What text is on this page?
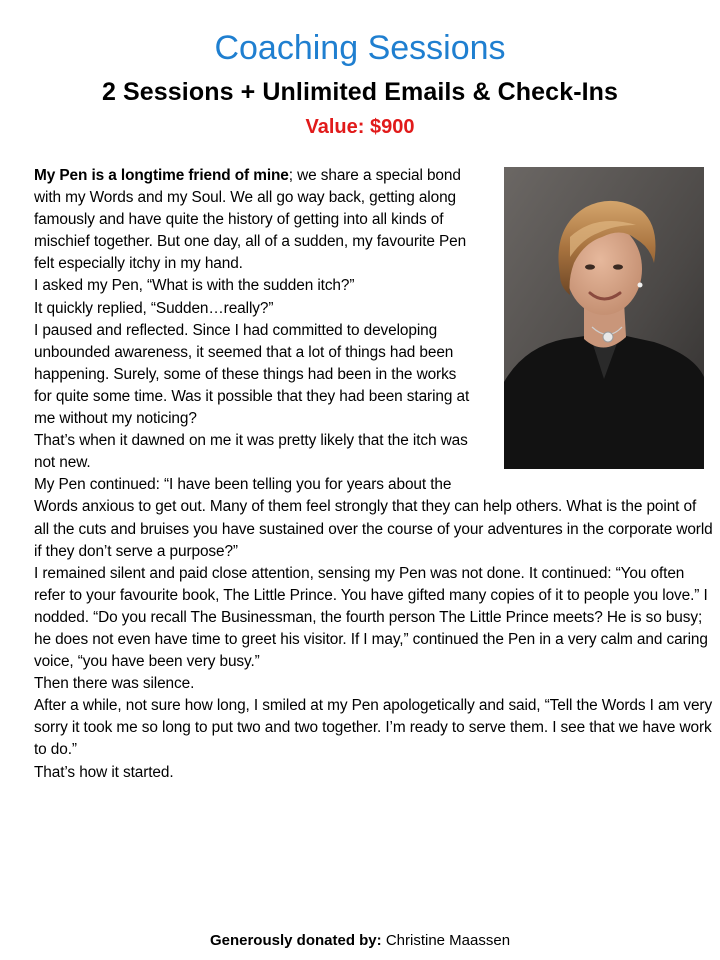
Coaching Sessions
2 Sessions + Unlimited Emails & Check-Ins
Value: $900

My Pen is a longtime friend of mine; we share a special bond with my Words and my Soul. We all go way back, getting along famously and have quite the history of getting into all kinds of mischief together. But one day, all of a sudden, my favourite Pen felt especially itchy in my hand.

I asked my Pen, “What is with the sudden itch?”

It quickly replied, “Sudden…really?”

I paused and reflected. Since I had committed to developing unbounded awareness, it seemed that a lot of things had been happening. Surely, some of these things had been in the works for quite some time. Was it possible that they had been staring at me without my noticing?

That’s when it dawned on me it was pretty likely that the itch was not new.

My Pen continued: “I have been telling you for years about the Words anxious to get out. Many of them feel strongly that they can help others. What is the point of all the cuts and bruises you have sustained over the course of your adventures in the corporate world if they don’t serve a purpose?”

I remained silent and paid close attention, sensing my Pen was not done. It continued: “You often refer to your favourite book, The Little Prince. You have gifted many copies of it to people you love.” I nodded. “Do you recall The Businessman, the fourth person The Little Prince meets? He is so busy; he does not even have time to greet his visitor. If I may,” continued the Pen in a very calm and caring voice, “you have been very busy.”

Then there was silence.

After a while, not sure how long, I smiled at my Pen apologetically and said, “Tell the Words I am very sorry it took me so long to put two and two together. I’m ready to serve them. I see that we have work to do.”

That’s how it started.

Generously donated by: Christine Maassen
